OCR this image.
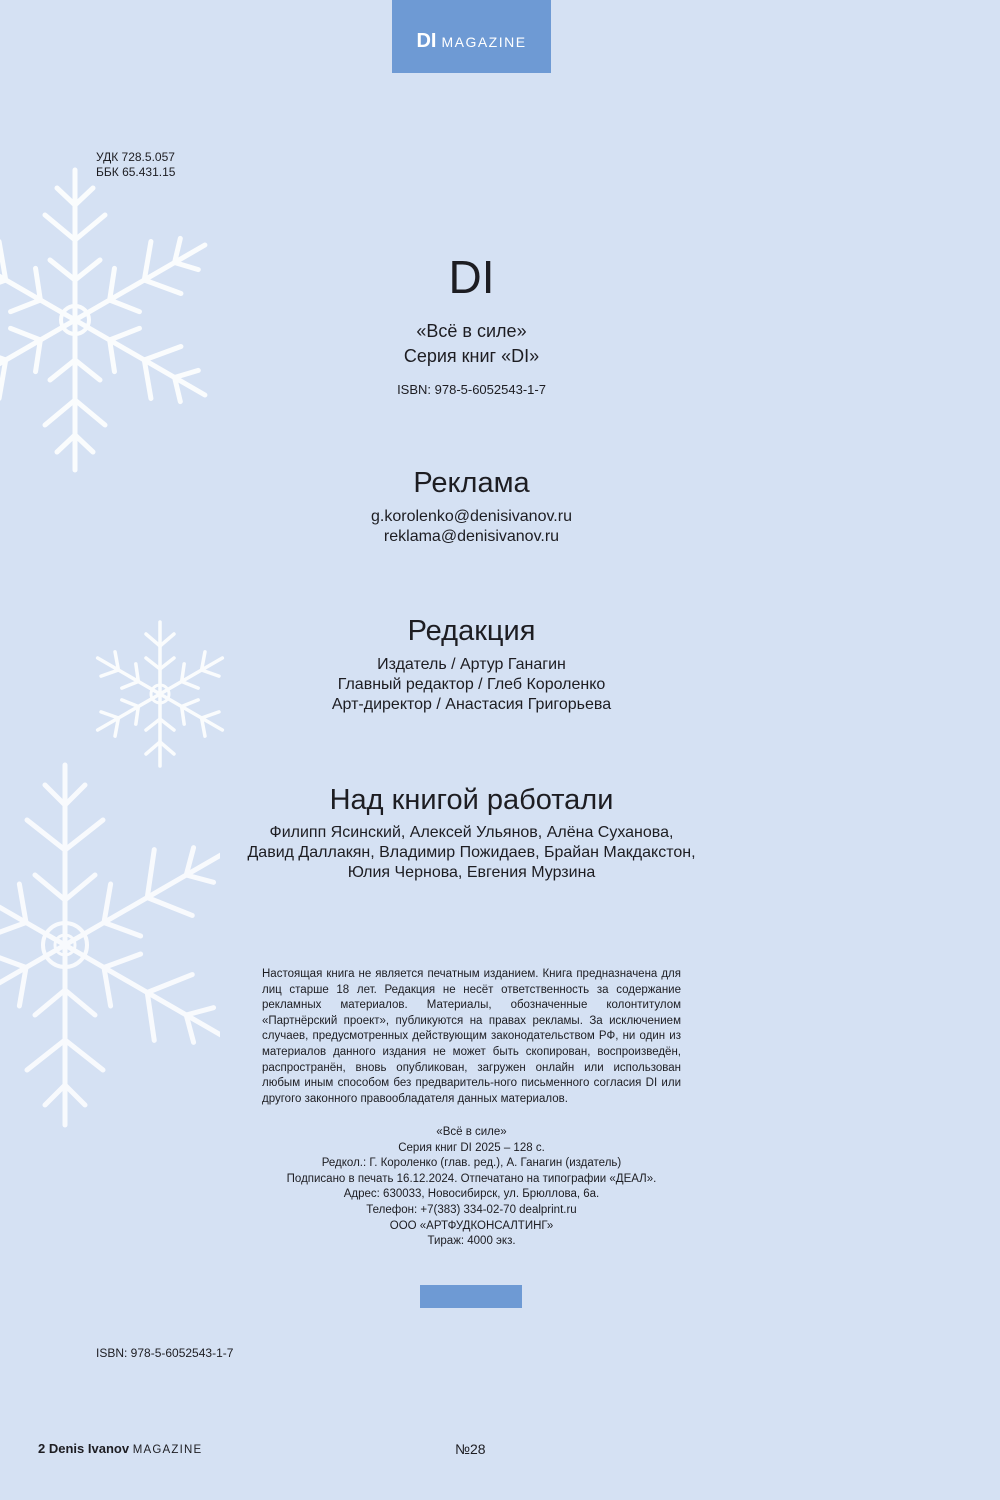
DI MAGAZINE
УДК 728.5.057
ББК 65.431.15
DI
«Всё в силе»
Серия книг «DI»
ISBN: 978-5-6052543-1-7
Реклама
g.korolenko@denisivanov.ru
reklama@denisivanov.ru
Редакция
Издатель / Артур Ганагин
Главный редактор / Глеб Короленко
Арт-директор / Анастасия Григорьева
Над книгой работали
Филипп Ясинский, Алексей Ульянов, Алёна Суханова,
Давид Даллакян, Владимир Пожидаев, Брайан Макдакстон,
Юлия Чернова, Евгения Мурзина
Настоящая книга не является печатным изданием. Книга предназначена для лиц старше 18 лет. Редакция не несёт ответственность за содержание рекламных материалов. Материалы, обозначенные колонтитулом «Партнёрский проект», публикуются на правах рекламы. За исключением случаев, предусмотренных действующим законодательством РФ, ни один из материалов данного издания не может быть скопирован, воспроизведён, распространён, вновь опубликован, загружен онлайн или использован любым иным способом без предваритель-ного письменного согласия DI или другого законного правообладателя данных материалов.
«Всё в силе»
Серия книг DI 2025 – 128 с.
Редкол.: Г. Короленко (глав. ред.), А. Ганагин (издатель)
Подписано в печать 16.12.2024. Отпечатано на типографии «ДЕАЛ».
Адрес: 630033, Новосибирск, ул. Брюллова, 6а.
Телефон: +7(383) 334-02-70 dealprint.ru
ООО «АРТФУДКОНСАЛТИНГ»
Тираж: 4000 экз.
ISBN: 978-5-6052543-1-7
2 Denis Ivanov MAGAZINE	№28
